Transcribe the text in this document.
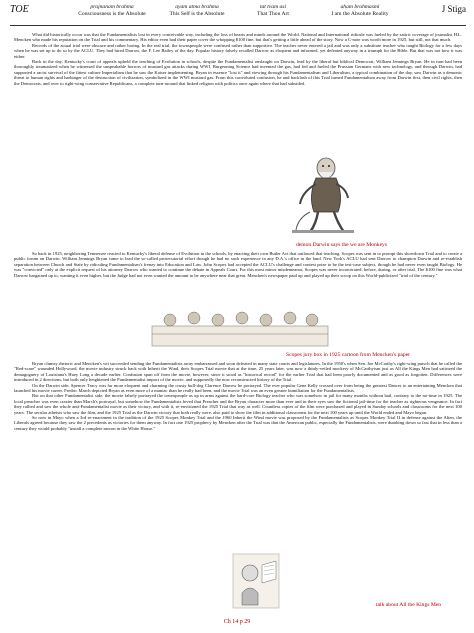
TOE	prajnanam brahma
Consciousness is the Absolute
ayam atma brahma
This Self is the Absolute
tat tvam asi
That Thou Art
aham brahmasmi
I am the Absolute Reality	J Stiga

What did historically occur was that the Fundamentalists lost in every conceivable way, including the loss of hearts and minds around the World. National and International ridicule was fueled by the satiric coverage of journalist H.L. Mencken who made his reputation on the Trial and his commentary. His editor even had their paper cover the whopping $100 fine, but that's getting a little ahead of the story. Now a C-note was worth more in 1925, but still, not that much.

Records of the actual trial were obscure and rather boring. In the real trial, the townspeople were confused rather than supportive. The teacher never entered a jail and was only a substitute teacher who taught Biology for a few days when he was set up to do so by the ACLU. They had hired Darrow, the F. Lee Bailey of the day. Popular history falsely recalled Darrow as eloquent and informed, yet defeated anyway in a triumph for the Bible. But that was not how it was either.

Back in the day, Kentucky's court of appeals upheld the teaching of Evolution in schools, despite the Fundamentalist onslaught on Darwin, lead by the liberal but biblical Democrat, William Jennings Bryan. He in turn had been thoroughly traumatized when he witnessed the unspeakable horrors of mustard gas attacks during WWI. Burgeoning Science had invented the gas, had fed and fueled the Prussian Germans with new technology, and through Darwin, had supported a racist survival of the fittest culture Imperialism that he saw the Kaiser implementing. Bryan in essence "lost it" and viewing through his Fundamentalism and Liberalism, a typical combination of the day, saw Darwin as a demonic threat to human rights and harbinger of the destruction of civilization, symbolized in the WWI mustard gas. From this convoluted confusion, he and backlash of this Trial turned Fundamentalism away from Darwin first, then civil rights, then the Democrats, and over to right-wing conservative Republicans, a complete turn-around that linked religion with politics once again where that had subsided.

demon Darwin says the we are Monkeys

So back in 1925, neighboring Tennessee reacted to Kentucky's liberal defense of Evolution in the schools, by enacting their own Butler Act that outlawed that teaching. Scopes was sent in to prompt this showdown Trial and to create a public forum on Darwin. William Jennings Bryan came to lead the so-called prosecutorial effort though he had no such experience in any D.A.'s office in the land. New York's ACLU had sent Darrow to champion Darwin and re-establish separation between Church and State by ridiculing Fundamentalism's frenzy into Education and Law. John Scopes had accepted the ACLU's challenge and contest prize to be the test-case subject, though he had never even taught Biology. He was "convicted" only at the explicit request of his attorney Darrow who wanted to continue the debate in Appeals Court. For this most minor misdemeanor, Scopes was never incarcerated, before, during, or after trial. The $100 fine was what Darrow bargained up to, wanting it even higher, but the Judge had not even wanted the amount to be anywhere near that great. Mencken's newspaper paid up and played up their scoop on this World-publicized "trial of the century."

Scopes jury box in 1925 cartoon from Mencken's paper

Bryan clumsy rhetoric and Mencken's wit succeeded sending the Fundamentalists away embarrassed and soon defeated in many state courts and legislatures. In the 1950's when Sen. Joe McCarthy's right-wing putsch that he called the "Red-scare" wounded Hollywood, the movie industry struck back with Inherit the Wind, their Scopes Trial movie that at the time, 25 years later, was now a thinly-veiled mockery of McCarthyism just as All the Kings Men had satirized the demagoguery of Louisiana's Huey Long a decade earlier. Confusion spun off from the movie, however, since it stood as "historical record" for the earlier Trial that had been poorly documented and as good as forgotten. Differences were introduced in 2 directions, but both only heightened the Fundamentalist impact of the movie, and supposedly the now reconstructed history of the Trial.

On the Darwin side, Spencer Tracy was far more eloquent and charming the crusty bull-dog Clarence Darrow he portrayed. The ever popular Gene Kelly crossed over from being the greatest Dancer to an entertaining Mencken that launched his movie career. Fredric March depicted Bryan as even more of a maniac than he really had been, and the movie Trial was an even greater humiliation for the Fundamentalists.

But on that other Fundamentalist side, the movie falsely portrayed the townspeople as up in arms against the hard-core Biology teacher who was somehow in jail for many months without bail, contrary to the no-time in 1925. The local preacher was even crazier than March's portrayal, but somehow the Fundamentalists loved that Preacher and the Bryan character more than ever and in their eyes saw the fictional jail-time for the teacher as righteous vengeance. In fact they rallied and saw the whole anti-Fundamentalist movie as their victory, and with it, re-envisioned the 1925 Trial that way as well. Countless copies of the film were purchased and played in Sunday schools and classrooms for the next 100 years. The secular atheists who saw the film, and the 1925 Trial as the Darwin victory that both really were, also paid to show the film in additional classrooms for the next 100 years up until the World ended and Mayo began.

So now in Mayo when a 3rd re-enactment in the tradition of the 1925 Scopes Monkey Trial and the 1960 Inherit the Wind movie was proposed by the Fundamentalists as Scopes Monkey Trial II in defense against the Alien, the Liberals agreed because they saw the 2 precedents as victories for them anyway. In fact one 1925 prophecy by Mencken after the Trial was that the American public, especially the Fundamentalists, were dumbing down so fast that in less than a century they would probably "install a complete moron in the White House."

talk about All the Kings Men
Ch 14 p 29
